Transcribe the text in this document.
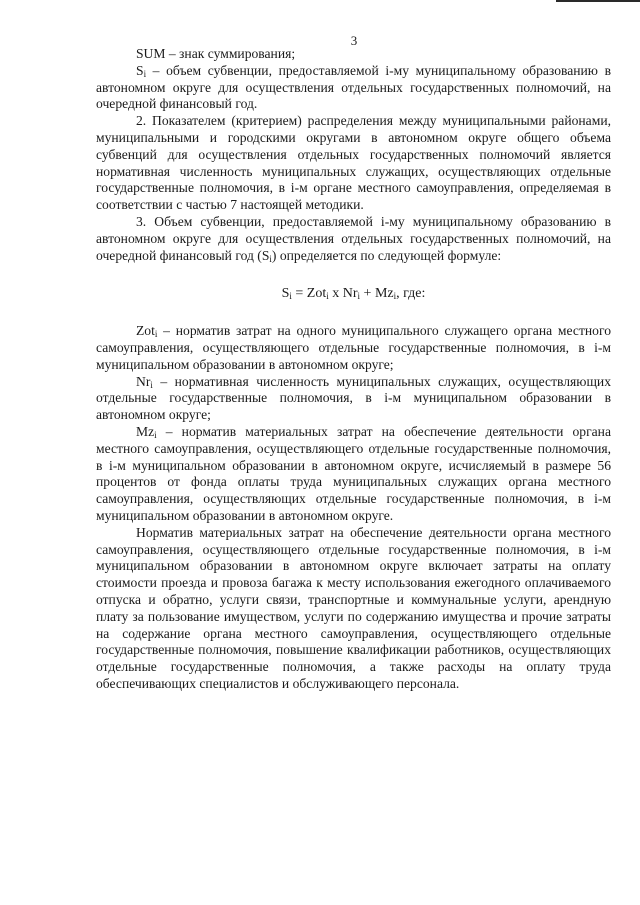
3

SUM – знак суммирования;

$S_i$ – объем субвенции, предоставляемой i-му муниципальному образованию в автономном округе для осуществления отдельных государственных полномочий, на очередной финансовый год.

2. Показателем (критерием) распределения между муниципальными районами, муниципальными и городскими округами в автономном округе общего объема субвенций для осуществления отдельных государственных полномочий является нормативная численность муниципальных служащих, осуществляющих отдельные государственные полномочия, в i-м органе местного самоуправления, определяемая в соответствии с частью 7 настоящей методики.

3. Объем субвенции, предоставляемой i-му муниципальному образованию в автономном округе для осуществления отдельных государственных полномочий, на очередной финансовый год $(S_i)$ определяется по следующей формуле:

$S_i = Zot_i$ x $Nr_i + Mz_i$, где:

Zot$_i$ – норматив затрат на одного муниципального служащего органа местного самоуправления, осуществляющего отдельные государственные полномочия, в i-м муниципальном образовании в автономном округе;

$Nr_i$ – нормативная численность муниципальных служащих, осуществляющих отдельные государственные полномочия, в i-м муниципальном образовании в автономном округе;

$Mz_i$ – норматив материальных затрат на обеспечение деятельности органа местного самоуправления, осуществляющего отдельные государственные полномочия, в i-м муниципальном образовании в автономном округе, исчисляемый в размере 56 процентов от фонда оплаты труда муниципальных служащих органа местного самоуправления, осуществляющих отдельные государственные полномочия, в i-м муниципальном образовании в автономном округе.

Норматив материальных затрат на обеспечение деятельности органа местного самоуправления, осуществляющего отдельные государственные полномочия, в i-м муниципальном образовании в автономном округе включает затраты на оплату стоимости проезда и провоза багажа к месту использования ежегодного оплачиваемого отпуска и обратно, услуги связи, транспортные и коммунальные услуги, арендную плату за пользование имуществом, услуги по содержанию имущества и прочие затраты на содержание органа местного самоуправления, осуществляющего отдельные государственные полномочия, повышение квалификации работников, осуществляющих отдельные государственные полномочия, а также расходы на оплату труда обеспечивающих специалистов и обслуживающего персонала.
